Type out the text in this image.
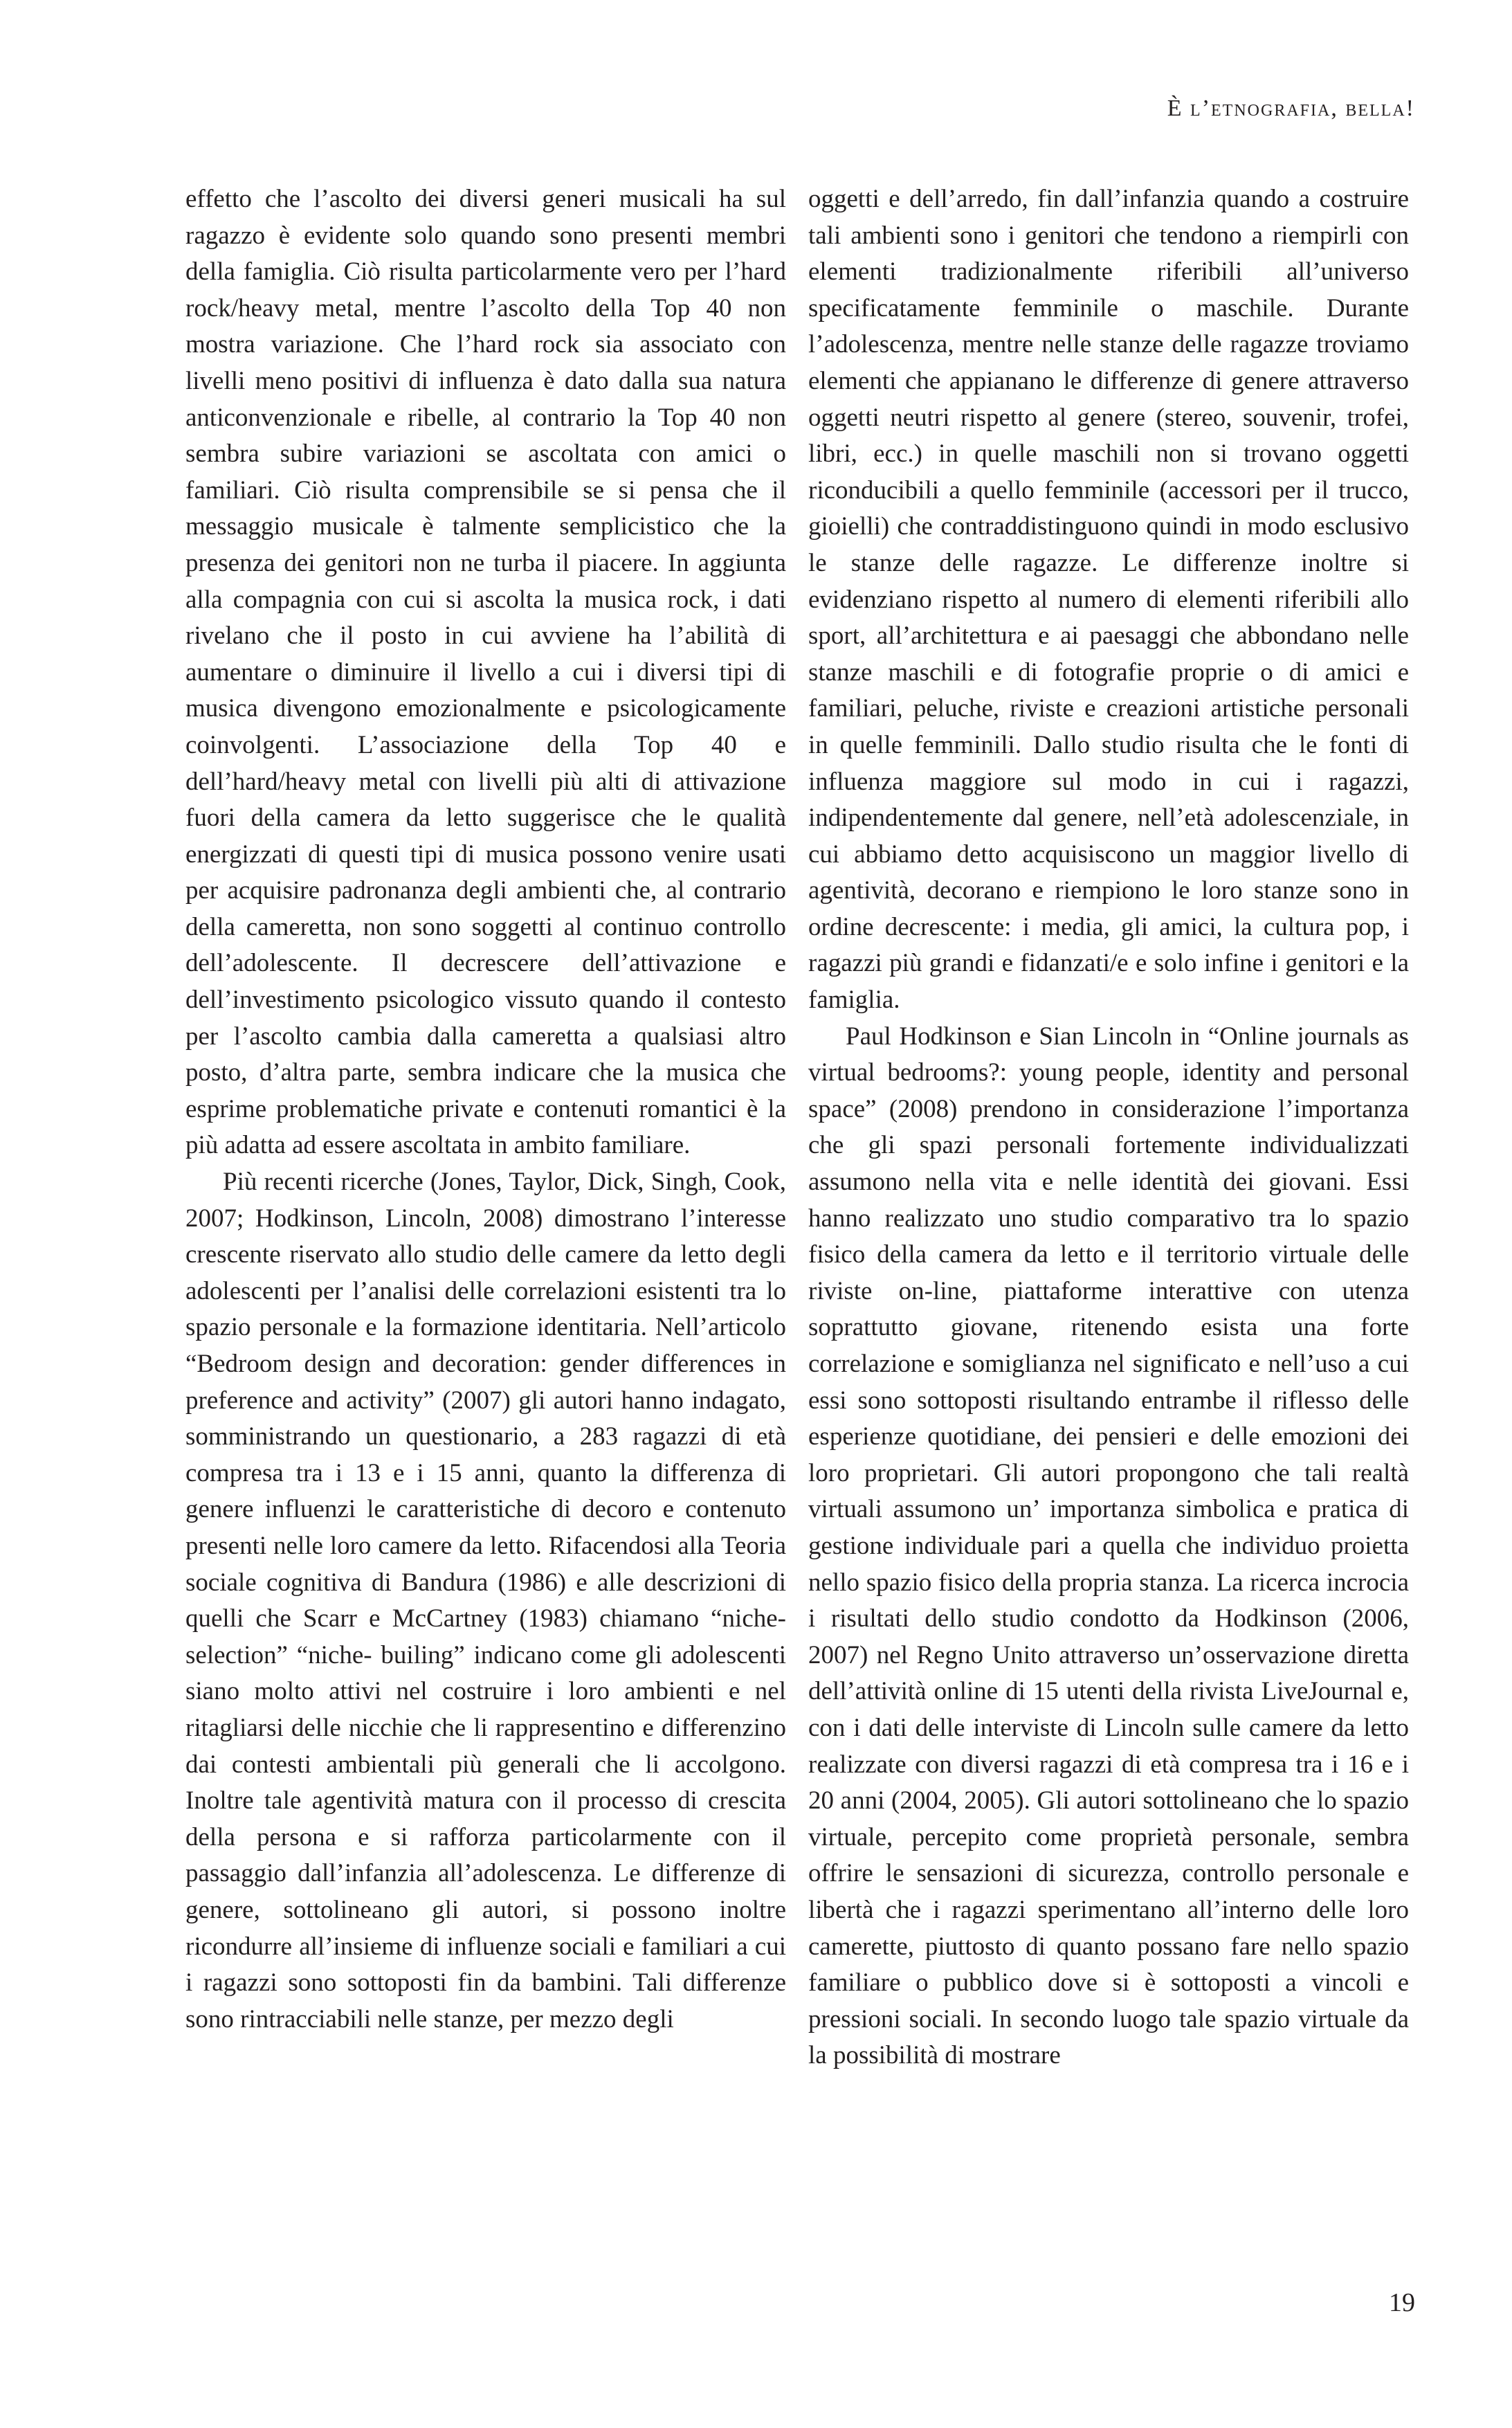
È l’etnografia, bella!

effetto che l’ascolto dei diversi generi musicali ha sul ragazzo è evidente solo quando sono presenti membri della famiglia. Ciò risulta particolarmente vero per l’hard rock/heavy metal, mentre l’ascolto della Top 40 non mostra variazione. Che l’hard rock sia associato con livelli meno positivi di influenza è dato dalla sua natura anticonvenzionale e ribelle, al contrario la Top 40 non sembra subire variazioni se ascoltata con amici o familiari. Ciò risulta comprensibile se si pensa che il messaggio musicale è talmente semplicistico che la presenza dei genitori non ne turba il piacere. In aggiunta alla compagnia con cui si ascolta la musica rock, i dati rivelano che il posto in cui avviene ha l’abilità di aumentare o diminuire il livello a cui i diversi tipi di musica divengono emozionalmente e psicologicamente coinvolgenti. L’associazione della Top 40 e dell’hard/heavy metal con livelli più alti di attivazione fuori della camera da letto suggerisce che le qualità energizzati di questi tipi di musica possono venire usati per acquisire padronanza degli ambienti che, al contrario della cameretta, non sono soggetti al continuo controllo dell’adolescente. Il decrescere dell’attivazione e dell’investimento psicologico vissuto quando il contesto per l’ascolto cambia dalla cameretta a qualsiasi altro posto, d’altra parte, sembra indicare che la musica che esprime problematiche private e contenuti romantici è la più adatta ad essere ascoltata in ambito familiare.

Più recenti ricerche (Jones, Taylor, Dick, Singh, Cook, 2007; Hodkinson, Lincoln, 2008) dimostrano l’interesse crescente riservato allo studio delle camere da letto degli adolescenti per l’analisi delle correlazioni esistenti tra lo spazio personale e la formazione identitaria. Nell’articolo “Bedroom design and decoration: gender differences in preference and activity” (2007) gli autori hanno indagato, somministrando un questionario, a 283 ragazzi di età compresa tra i 13 e i 15 anni, quanto la differenza di genere influenzi le caratteristiche di decoro e contenuto presenti nelle loro camere da letto. Rifacendosi alla Teoria sociale cognitiva di Bandura (1986) e alle descrizioni di quelli che Scarr e McCartney (1983) chiamano “niche- selection” “niche- builing” indicano come gli adolescenti siano molto attivi nel costruire i loro ambienti e nel ritagliarsi delle nicchie che li rappresentino e differenzino dai contesti ambientali più generali che li accolgono. Inoltre tale agentività matura con il processo di crescita della persona e si rafforza particolarmente con il passaggio dall’infanzia all’adolescenza. Le differenze di genere, sottolineano gli autori, si possono inoltre ricondurre all’insieme di influenze sociali e familiari a cui i ragazzi sono sottoposti fin da bambini. Tali differenze sono rintracciabili nelle stanze, per mezzo degli

oggetti e dell’arredo, fin dall’infanzia quando a costruire tali ambienti sono i genitori che tendono a riempirli con elementi tradizionalmente riferibili all’universo specificatamente femminile o maschile. Durante l’adolescenza, mentre nelle stanze delle ragazze troviamo elementi che appianano le differenze di genere attraverso oggetti neutri rispetto al genere (stereo, souvenir, trofei, libri, ecc.) in quelle maschili non si trovano oggetti riconducibili a quello femminile (accessori per il trucco, gioielli) che contraddistinguono quindi in modo esclusivo le stanze delle ragazze. Le differenze inoltre si evidenziano rispetto al numero di elementi riferibili allo sport, all’architettura e ai paesaggi che abbondano nelle stanze maschili e di fotografie proprie o di amici e familiari, peluche, riviste e creazioni artistiche personali in quelle femminili. Dallo studio risulta che le fonti di influenza maggiore sul modo in cui i ragazzi, indipendentemente dal genere, nell’età adolescenziale, in cui abbiamo detto acquisiscono un maggior livello di agentività, decorano e riempiono le loro stanze sono in ordine decrescente: i media, gli amici, la cultura pop, i ragazzi più grandi e fidanzati/e e solo infine i genitori e la famiglia.

Paul Hodkinson e Sian Lincoln in “Online journals as virtual bedrooms?: young people, identity and personal space” (2008) prendono in considerazione l’importanza che gli spazi personali fortemente individualizzati assumono nella vita e nelle identità dei giovani. Essi hanno realizzato uno studio comparativo tra lo spazio fisico della camera da letto e il territorio virtuale delle riviste on-line, piattaforme interattive con utenza soprattutto giovane, ritenendo esista una forte correlazione e somiglianza nel significato e nell’uso a cui essi sono sottoposti risultando entrambe il riflesso delle esperienze quotidiane, dei pensieri e delle emozioni dei loro proprietari. Gli autori propongono che tali realtà virtuali assumono un’ importanza simbolica e pratica di gestione individuale pari a quella che individuo proietta nello spazio fisico della propria stanza. La ricerca incrocia i risultati dello studio condotto da Hodkinson (2006, 2007) nel Regno Unito attraverso un’osservazione diretta dell’attività online di 15 utenti della rivista LiveJournal e, con i dati delle interviste di Lincoln sulle camere da letto realizzate con diversi ragazzi di età compresa tra i 16 e i 20 anni (2004, 2005). Gli autori sottolineano che lo spazio virtuale, percepito come proprietà personale, sembra offrire le sensazioni di sicurezza, controllo personale e libertà che i ragazzi sperimentano all’interno delle loro camerette, piuttosto di quanto possano fare nello spazio familiare o pubblico dove si è sottoposti a vincoli e pressioni sociali. In secondo luogo tale spazio virtuale da la possibilità di mostrare

19
